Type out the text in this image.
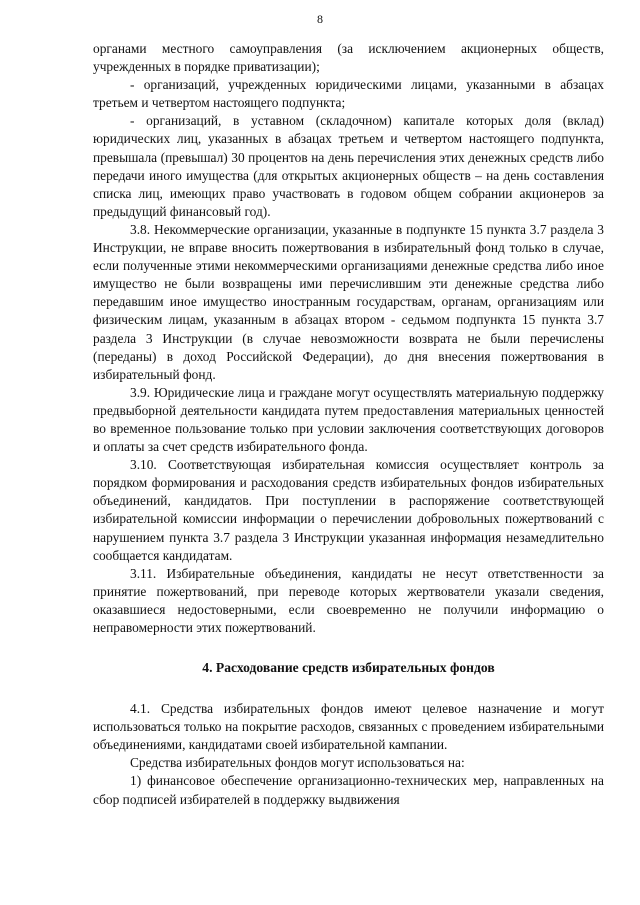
8

органами местного самоуправления (за исключением акционерных обществ, учрежденных в порядке приватизации);

- организаций, учрежденных юридическими лицами, указанными в абзацах третьем и четвертом настоящего подпункта;

- организаций, в уставном (складочном) капитале которых доля (вклад) юридических лиц, указанных в абзацах третьем и четвертом настоящего подпункта, превышала (превышал) 30 процентов на день перечисления этих денежных средств либо передачи иного имущества (для открытых акционерных обществ – на день составления списка лиц, имеющих право участвовать в годовом общем собрании акционеров за предыдущий финансовый год).

3.8. Некоммерческие организации, указанные в подпункте 15 пункта 3.7 раздела 3 Инструкции, не вправе вносить пожертвования в избирательный фонд только в случае, если полученные этими некоммерческими организациями денежные средства либо иное имущество не были возвращены ими перечислившим эти денежные средства либо передавшим иное имущество иностранным государствам, органам, организациям или физическим лицам, указанным в абзацах втором - седьмом подпункта 15 пункта 3.7 раздела 3 Инструкции (в случае невозможности возврата не были перечислены (переданы) в доход Российской Федерации), до дня внесения пожертвования в избирательный фонд.

3.9. Юридические лица и граждане могут осуществлять материальную поддержку предвыборной деятельности кандидата путем предоставления материальных ценностей во временное пользование только при условии заключения соответствующих договоров и оплаты за счет средств избирательного фонда.

3.10. Соответствующая избирательная комиссия осуществляет контроль за порядком формирования и расходования средств избирательных фондов избирательных объединений, кандидатов. При поступлении в распоряжение соответствующей избирательной комиссии информации о перечислении добровольных пожертвований с нарушением пункта 3.7 раздела 3 Инструкции указанная информация незамедлительно сообщается кандидатам.

3.11. Избирательные объединения, кандидаты не несут ответственности за принятие пожертвований, при переводе которых жертвователи указали сведения, оказавшиеся недостоверными, если своевременно не получили информацию о неправомерности этих пожертвований.

4. Расходование средств избирательных фондов

4.1. Средства избирательных фондов имеют целевое назначение и могут использоваться только на покрытие расходов, связанных с проведением избирательными объединениями, кандидатами своей избирательной кампании.

Средства избирательных фондов могут использоваться на:

1) финансовое обеспечение организационно-технических мер, направленных на сбор подписей избирателей в поддержку выдвижения
